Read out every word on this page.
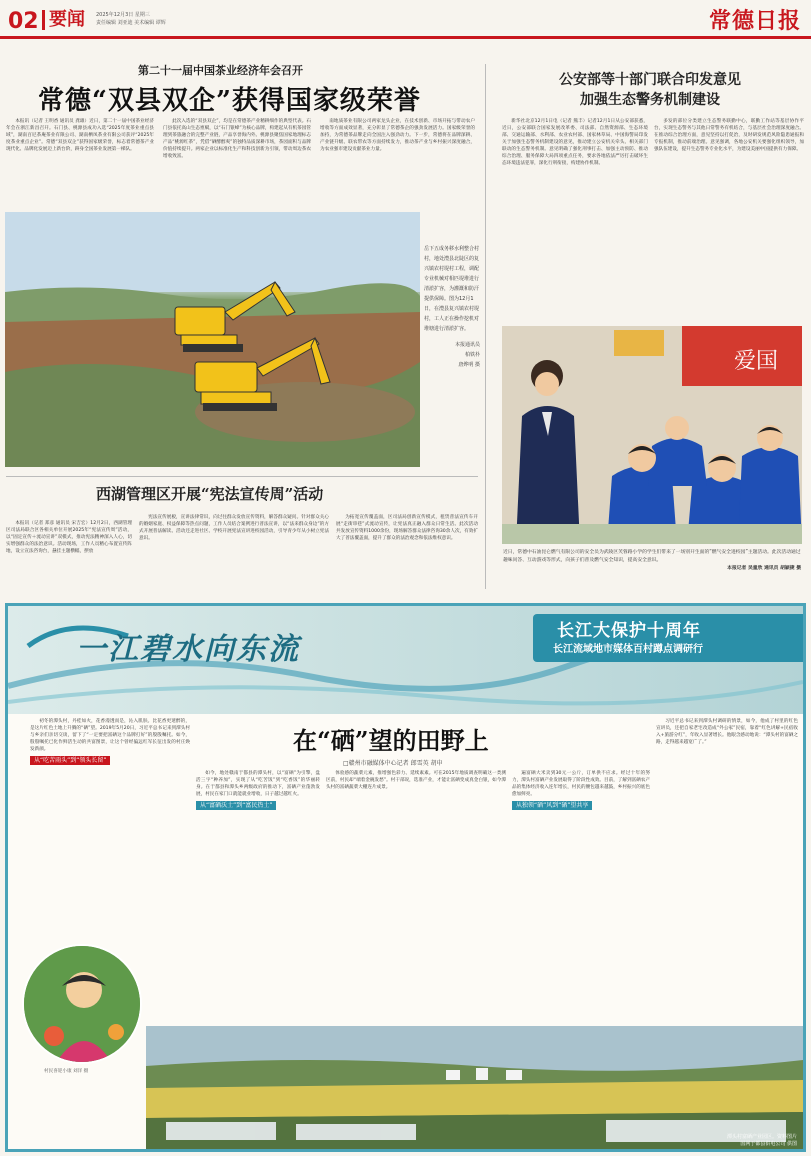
02 要闻 2025年12月3日 星期三
责任编辑 刘亚迪 美术编辑 谭辉	常德日报
第二十一届中国茶业经济年会召开
常德“双县双企”获得国家级荣誉

本报讯（记者 王明香 通讯员 龚雄）近日，第二十一届中国茶业经济年会在浙江新昌召开。石门县、桃源县成功入选“2025年度茶业重点县域”，湖南百尼茶庵茶业有限公司、湖南栖凤茶业有限公司获评“2025年度茶业重点企业”。常德“双县双企”获得国家级荣誉，标志着常德茶产业现代化、品牌化发展迈上新台阶，跻身全国茶业发展第一梯队。

此次入选的“双县双企”，均是在常德茶产业精耕细作的典型代表。石门县依托高山生态禀赋，以“石门银峰”为核心品牌，构建起从有机茶园管理到茶旅融合的完整产业链，产品享誉海内外。桃源县聚焦国家地理标志产品“桃源红茶”，凭借“硒酵醇爽”的独特品质深耕市场，茶园面积与品牌价值持续提升。两家企业以标准化生产和科技创新为引领，带动周边茶农增收致富。

南地质茶业有限公司两家龙头企业，在技术创新、市场开拓与带动农户增收等方面成效显著，充分彰显了常德茶企的强劲发展活力。国家级荣誉的加持，为常德茶品牌走向全国注入强劲动力。下一步，常德将在品牌深耕、产业链升级、联农带农等方面持续发力，推动茶产业与乡村振兴深度融合，为农业强市建设贡献茶业力量。

岳下五成务移水利整合村村，地处澧县北陡区的复兴镇农村堤村工程，调配专业机械对相匹堤堆进行清淤扩容，为灌溉和防汗提供保障。图为12月1日，在澧县复兴镇农村堤村，工人正在操作挖机对堆塘进行清淤扩容。
本报通讯员
柏铁朴
唐烨明 摄
西湖管理区开展“宪法宣传周”活动

本报讯（记者 郑彦 通讯员 宋吉宏）12月2日，西湖管理区司法局联合区各相关单位开展2025年“宪法宣传周”活动，以“固定宣传＋流动宣讲”双模式，推动宪法精神深入人心，切实增强群众的法治意识。活动现场，工作人员精心布置宣传阵地，设立宣法咨询台，悬挂主题横幅，摆放

宪法宣传展板，宣讲法律常识，向过往群众发放宣传资料，解答群众疑问。针对群众关心的婚姻家庭、权益保障等热点问题，工作人员结合案例进行普法宣讲，以“法来群众身边”的方式开展普法解读。活动还走进社区、学校开展宪法宣讲进校园活动，引导青少年从小树立宪法意识。

为拓宽宣传覆盖面，区司法局创新宣传模式，租赁普法宣传车开展“走街串巷”式流动宣传，让宪法真正融入群众日常生活。此次活动共发放宣传资料1000余份，现场解答群众法律咨询30余人次，有效扩大了普法覆盖面，提升了群众的法治观念和依法维权意识。

公安部等十部门联合印发意见
加强生态警务机制建设

新华社北京12月1日电（记者 熊丰）记者12月1日从公安部获悉，近日，公安部联合国家发展改革委、司法部、自然资源部、生态环境部、交通运输部、水利部、农业农村部、国家林草局、中国海警局印发关于加强生态警务机制建设的意见，推动建立公安机关牵头、相关部门联动的生态警务机制。意见明确了强化刑事打击、加强主动预防、推动综合治理、服务保障大局四项重点任务，要求各地依法严厉打击破坏生态环境违法犯罪，深化行刑衔接，构建协作机制。

多发的部位分类建立生态警务联勤中心，联勤工作站等基层协作平台，实现生态警务与其他日常警务有机结合，与基层社会治理深度融合。在推动综合治理方面，意见坚持以打促治，及时研发规范风险隐患通报和专报机制，推动前端治理。意见强调，各地公安机关要强化组织领导，加强队伍建设，提升生态警务专业化水平，为建设美丽中国提供有力保障。

爱国
近日，常德中石油昆仑燃气有限公司的安全员为武陵区芙蓉路小学的学生们带来了一场别开生面的“燃气安全进校园”主题活动。此次活动通过趣味问答、互动游戏等形式，向孩子们普及燃气安全知识，提高安全意识。
本报记者 吴童欣 通讯员 胡颖捷 摄
一江碧水向东流
长江大保护十周年
长江流域地市媒体百村蹲点调研行
在“硒”望的田野上
□赣州市融媒体中心记者 郎雪英 胡申

初冬的潭头村，丹桂如火，花香漫透而是，沁入肌肤。比花香更迷醉的，是这片红色土地上升腾的“硒”望。2019年5月20日，习近平总书记来到潭头村与乡亲们亲切交谈，留下了“一定要把富硒这个品牌打好”的殷殷嘱托。如今，殷殷嘱托已化作鲜活生动的共富图景，让这个曾经偏远红军长征出发的村庄焕发新颜。

从“吃苦雨头”到“领头长留”

如今，地处赣南于都县的潭头村，以“富硒”为引擎，盘活三字“种养加”，实现了从“吃苦饭”到“吃香饭”的华丽转身。在于都县和潭头乡两级政府的推动下，富硒产业蓬勃发展，村民在家门口就能就业增收，日子越过越红火。

从“富硒沃土”到“富民热土”

体验感的蔬菜元素，推增强色彩力、延续素素。可在2015年地质调查明确这一类测区前，村民却“端着金碗发愁”。村干部说，选准产业，才能让富硒变成真金白银，如今潭头村的富硒蔬菜大棚连片成景。

遍富硒大米卖到30元一公斤，订单供不应求。经过十年的努力，潭头村富硒产业发展取得了阶段性成效。目前，了解到富硒农产品的集体经济收入连年增长，村民的腰包越来越鼓，乡村振兴的底色愈加鲜亮。

从独领“硒”风到“硒”望共享

习近平总书记来到潭头村调研的情景，如今，他成了村里的红色宣讲员，还把自家老宅改造成“外公家”民宿，靠着“红色讲解+民宿收入+旅游分红”，年收入显著增长。他眼含感动地说：“潭头村的富硒之路，走得越来越宽广了。”

村民喜迎小康 刘洋 摄
潭头村富硒产业园区。资料图片
国网于都县供电公司 供图
